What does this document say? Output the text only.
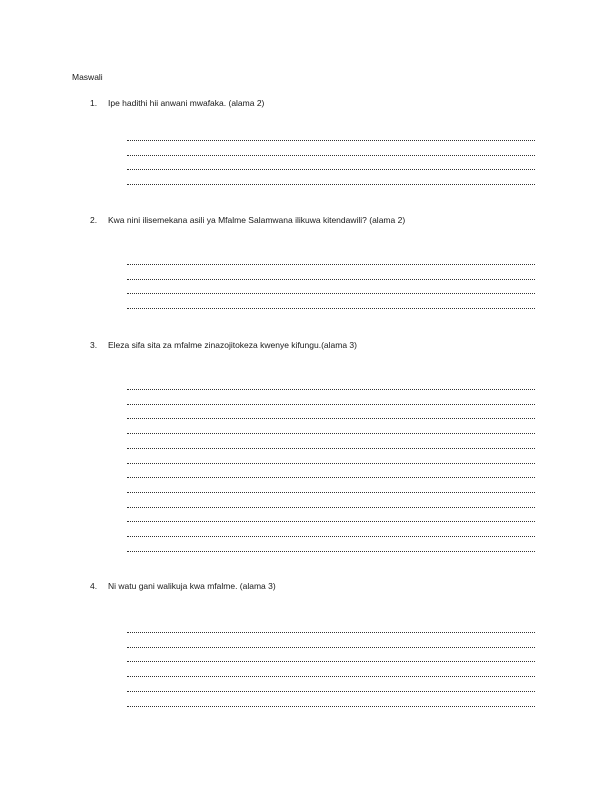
Maswali
1. Ipe hadithi hii anwani mwafaka. (alama 2)
2. Kwa nini ilisemekana asili ya Mfalme Salamwana ilikuwa kitendawili? (alama 2)
3. Eleza sifa sita za mfalme zinazojitokeza kwenye kifungu.(alama 3)
4. Ni watu gani walikuja kwa mfalme. (alama 3)
